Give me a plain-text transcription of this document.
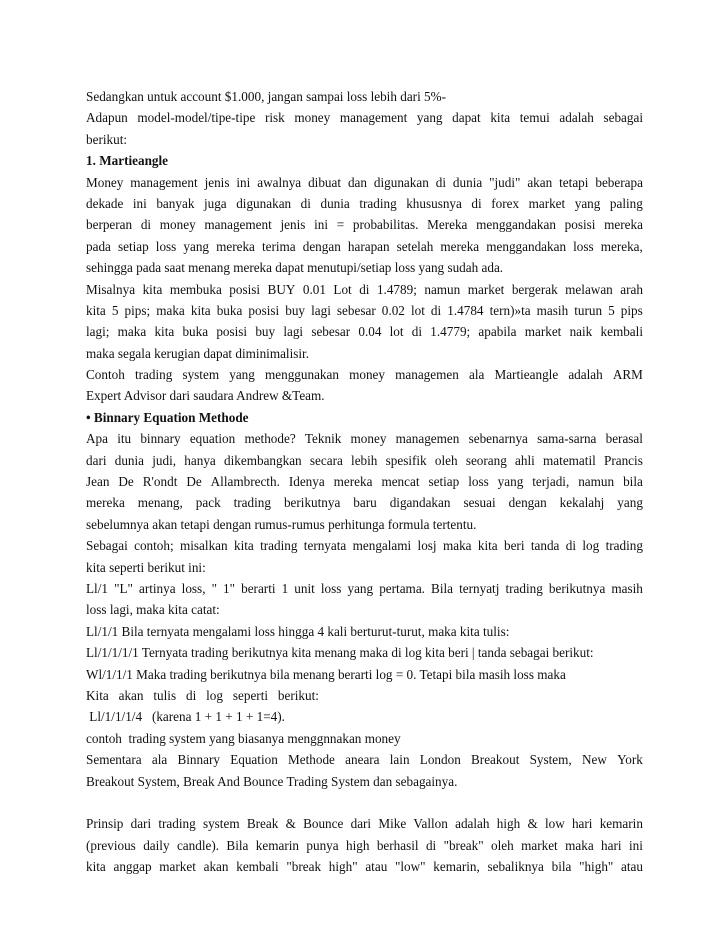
Sedangkan untuk account $1.000, jangan sampai loss lebih dari 5%-
Adapun model-model/tipe-tipe risk money management yang dapat kita temui adalah sebagai
berikut:
1. Martieangle
Money management jenis ini awalnya dibuat dan digunakan di dunia "judi" akan tetapi beberapa
dekade ini banyak juga digunakan di dunia trading khususnya di forex market yang paling
berperan di money management jenis ini = probabilitas. Mereka menggandakan posisi mereka
pada setiap loss yang mereka terima dengan harapan setelah mereka menggandakan loss mereka,
sehingga pada saat menang mereka dapat menutupi/setiap loss yang sudah ada.
Misalnya kita membuka posisi BUY 0.01 Lot di 1.4789; namun market bergerak melawan arah
kita 5 pips; maka kita buka posisi buy lagi sebesar 0.02 lot di 1.4784 tern)»ta masih turun 5 pips
lagi; maka kita buka posisi buy lagi sebesar 0.04 lot di 1.4779; apabila market naik kembali
maka segala kerugian dapat diminimalisir.
Contoh trading system yang menggunakan money managemen ala Martieangle adalah ARM
Expert Advisor dari saudara Andrew &Team.
• Binnary Equation Methode
Apa itu binnary equation methode? Teknik money managemen sebenarnya sama-sarna berasal
dari dunia judi, hanya dikembangkan secara lebih spesifik oleh seorang ahli matematil Prancis
Jean De R'ondt De Allambrecth. Idenya mereka mencat setiap loss yang terjadi, namun bila
mereka menang, pack trading berikutnya baru digandakan sesuai dengan kekalahj yang
sebelumnya akan tetapi dengan rumus-rumus perhitunga formula tertentu.
Sebagai contoh; misalkan kita trading ternyata mengalami losj maka kita beri tanda di log trading
kita seperti berikut ini:
Ll/1 "L" artinya loss, " 1" berarti 1 unit loss yang pertama. Bila ternyatj trading berikutnya masih
loss lagi, maka kita catat:
Ll/1/1 Bila ternyata mengalami loss hingga 4 kali berturut-turut, maka kita tulis:
Ll/1/1/1/1 Ternyata trading berikutnya kita menang maka di log kita beri | tanda sebagai berikut:
Wl/1/1/1 Maka trading berikutnya bila menang berarti log = 0. Tetapi bila masih loss maka
Kita   akan   tulis   di   log   seperti   berikut:
Ll/1/1/1/4   (karena 1 + 1 + 1 + 1=4).
contoh  trading system yang biasanya menggnnakan money
Sementara ala Binnary Equation Methode aneara lain London Breakout System, New York
Breakout System, Break And Bounce Trading System dan sebagainya.
Prinsip dari trading system Break & Bounce dari Mike Vallon adalah high & low hari kemarin
(previous daily candle). Bila kemarin punya high berhasil di "break" oleh market maka hari ini
kita anggap market akan kembali "break high" atau "low" kemarin, sebaliknya bila "high" atau
